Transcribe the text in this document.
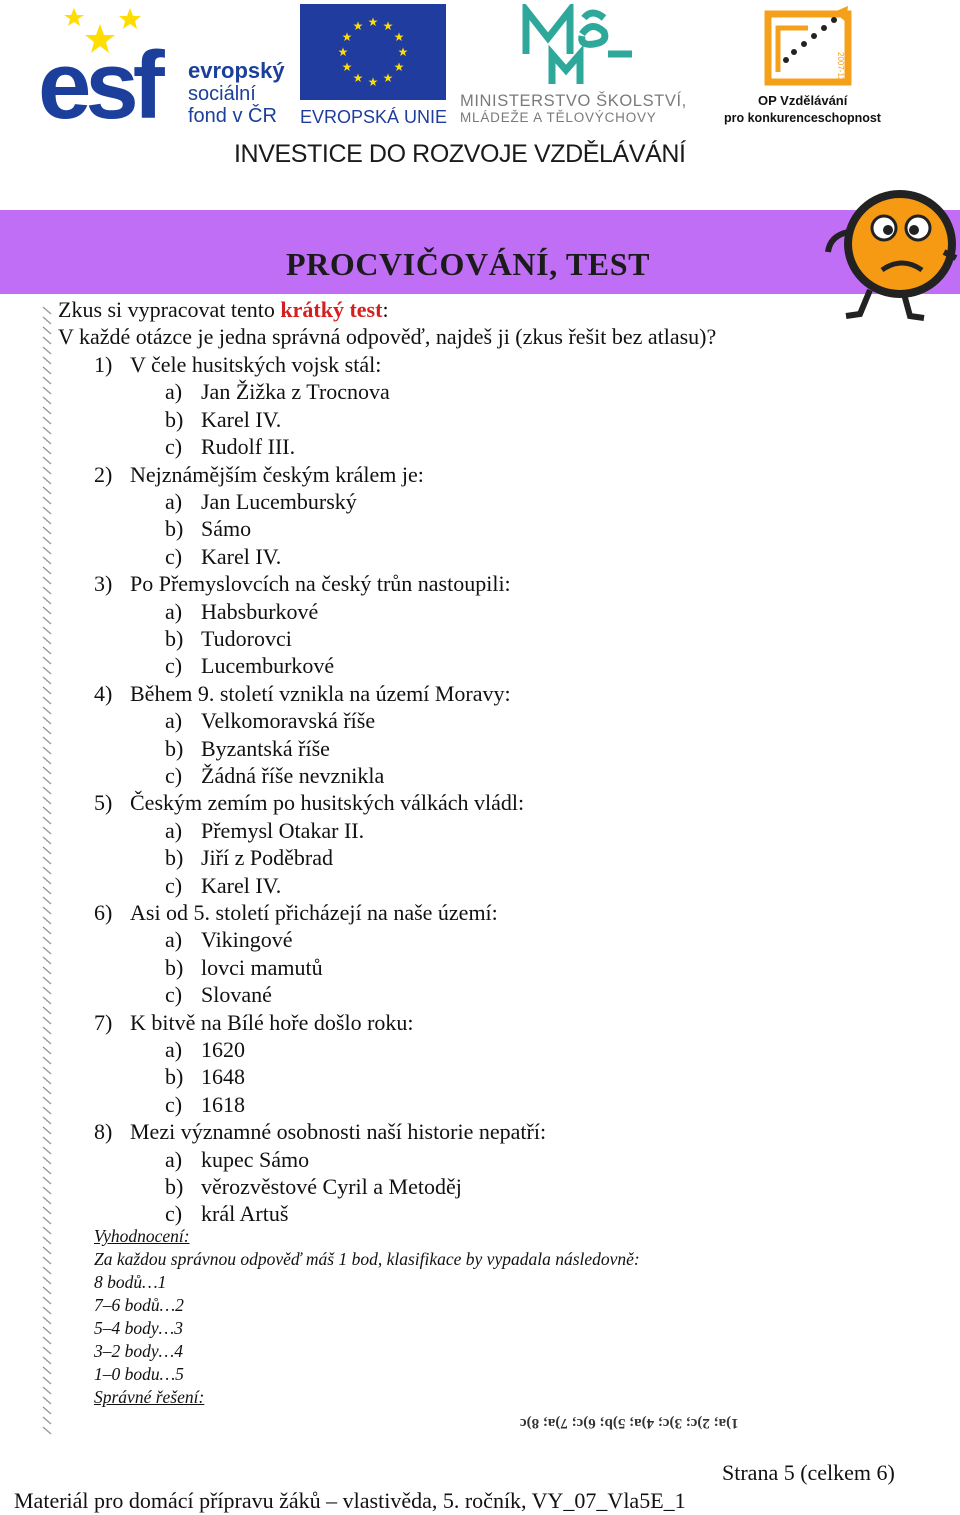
esf	evropský
sociální
fond v ČR
★ ★
★
★
★
★
★
★
★
★
★
★
EVROPSKÁ UNIE
MINISTERSTVO ŠKOLSTVÍ,
MLÁDEŽE A TĚLOVÝCHOVY
2007-13
OP Vzdělávání
pro konkurenceschopnost
INVESTICE DO ROZVOJE VZDĚLÁVÁNÍ
PROCVIČOVÁNÍ, TEST
Zkus si vypracovat tento krátký test:
V každé otázce je jedna správná odpověď, najdeš ji (zkus řešit bez atlasu)?
1) V čele husitských vojsk stál:
a) Jan Žižka z Trocnova
b) Karel IV.
c) Rudolf III.
2) Nejznámějším českým králem je:
a) Jan Lucemburský
b) Sámo
c) Karel IV.
3) Po Přemyslovcích na český trůn nastoupili:
a) Habsburkové
b) Tudorovci
c) Lucemburkové
4) Během 9. století vznikla na území Moravy:
a) Velkomoravská říše
b) Byzantská říše
c) Žádná říše nevznikla
5) Českým zemím po husitských válkách vládl:
a) Přemysl Otakar II.
b) Jiří z Poděbrad
c) Karel IV.
6) Asi od 5. století přicházejí na naše území:
a) Vikingové
b) lovci mamutů
c) Slované
7) K bitvě na Bílé hoře došlo roku:
a) 1620
b) 1648
c) 1618
8) Mezi významné osobnosti naší historie nepatří:
a) kupec Sámo
b) věrozvěstové Cyril a Metoděj
c) král Artuš
Vyhodnocení:
Za každou správnou odpověď máš 1 bod, klasifikace by vypadala následovně:
8 bodů…1
7–6 bodů…2
5–4 body…3
3–2 body…4
1–0 bodu…5
Správné řešení:
1)a; 2)c; 3)c; 4)a; 5)b; 6)c; 7)a; 8)c
Strana 5 (celkem 6)
Materiál pro domácí přípravu žáků – vlastivěda, 5. ročník, VY_07_Vla5E_1
